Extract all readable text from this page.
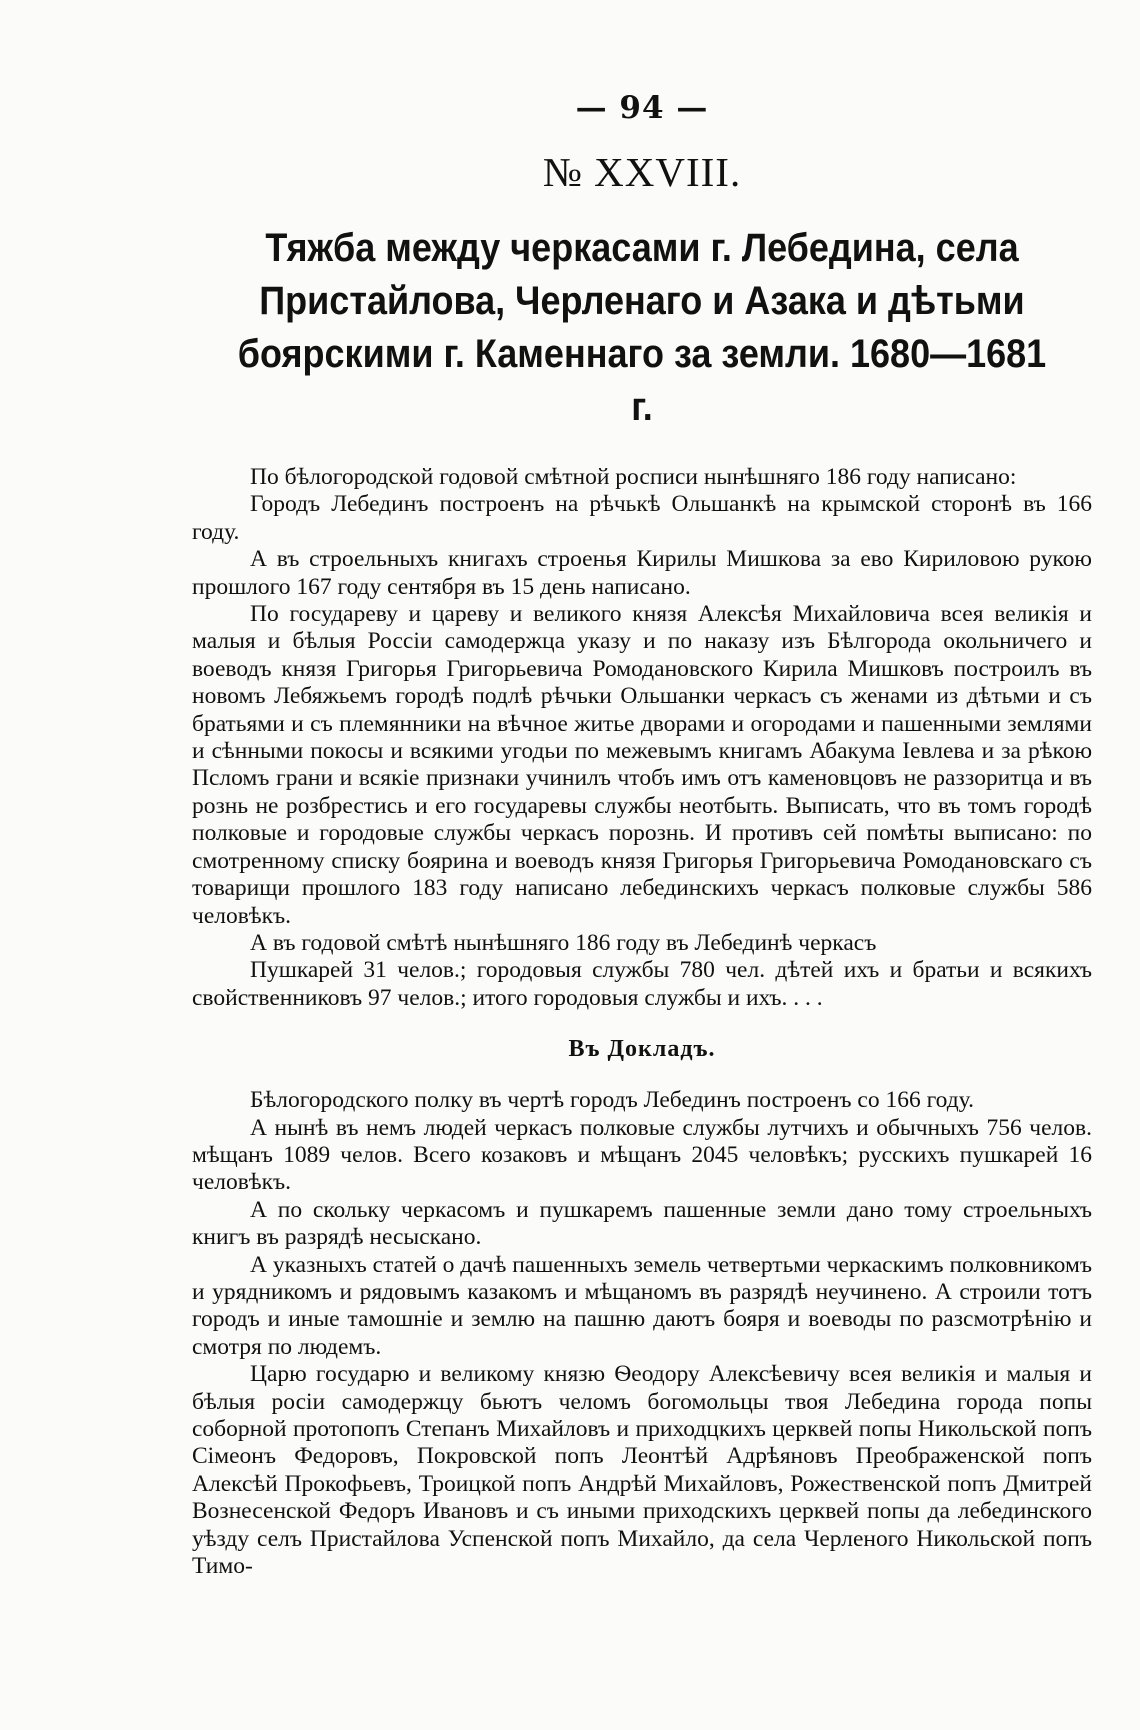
— 94 —
№ XXVIII.
Тяжба между черкасами г. Лебедина, села Пристайлова, Черленаго и Азака и дѣтьми боярскими г. Каменнаго за земли. 1680—1681 г.

По бѣлогородской годовой смѣтной росписи нынѣшняго 186 году написано:

Городъ Лебединъ построенъ на рѣчькѣ Ольшанкѣ на крымской сторонѣ въ 166 году.

А въ строельныхъ книгахъ строенья Кирилы Мишкова за ево Кириловою рукою прошлого 167 году сентября въ 15 день написано.

По государеву и цареву и великого князя Алексѣя Михайловича всея великія и малыя и бѣлыя Россіи самодержца указу и по наказу изъ Бѣлгорода окольничего и воеводъ князя Григорья Григорьевича Ромодановского Кирила Мишковъ построилъ въ новомъ Лебяжьемъ городѣ подлѣ рѣчьки Ольшанки черкасъ съ женами из дѣтьми и съ братьями и съ племянники на вѣчное житье дворами и огородами и пашенными землями и сѣнными покосы и всякими угодьи по межевымъ книгамъ Абакума Іевлева и за рѣкою Псломъ грани и всякіе признаки учинилъ чтобъ имъ отъ каменовцовъ не раззоритца и въ рознь не розбрестись и его государевы службы неотбыть. Выписать, что въ томъ городѣ полковые и городовые службы черкасъ порознь. И противъ сей помѣты выписано: по смотренному списку боярина и воеводъ князя Григорья Григорьевича Ромодановскаго съ товарищи прошлого 183 году написано лебединскихъ черкасъ полковые службы 586 человѣкъ.

А въ годовой смѣтѣ нынѣшняго 186 году въ Лебединѣ черкасъ

Пушкарей 31 челов.; городовыя службы 780 чел. дѣтей ихъ и братьи и всякихъ свойственниковъ 97 челов.; итого городовыя службы и ихъ. . . .

Въ Докладъ.

Бѣлогородского полку въ чертѣ городъ Лебединъ построенъ со 166 году.

А нынѣ въ немъ людей черкасъ полковые службы лутчихъ и обычныхъ 756 челов. мѣщанъ 1089 челов. Всего козаковъ и мѣщанъ 2045 человѣкъ; русскихъ пушкарей 16 человѣкъ.

А по скольку черкасомъ и пушкаремъ пашенные земли дано тому строельныхъ книгъ въ разрядѣ несыскано.

А указныхъ статей о дачѣ пашенныхъ земель четвертьми черкаскимъ полковникомъ и урядникомъ и рядовымъ казакомъ и мѣщаномъ въ разрядѣ неучинено. А строили тотъ городъ и иные тамошніе и землю на пашню даютъ бояря и воеводы по разсмотрѣнію и смотря по людемъ.

Царю государю и великому князю Ѳеодору Алексѣевичу всея великія и малыя и бѣлыя росіи самодержцу бьютъ челомъ богомольцы твоя Лебедина города попы соборной протопопъ Степанъ Михайловъ и приходцкихъ церквей попы Никольской попъ Сімеонъ Федоровъ, Покровской попъ Леонтѣй Адрѣяновъ Преображенской попъ Алексѣй Прокофьевъ, Троицкой попъ Андрѣй Михайловъ, Рожественской попъ Дмитрей Вознесенской Федоръ Ивановъ и съ иными приходскихъ церквей попы да лебединского уѣзду селъ Пристайлова Успенской попъ Михайло, да села Черленого Никольской попъ Тимо-
